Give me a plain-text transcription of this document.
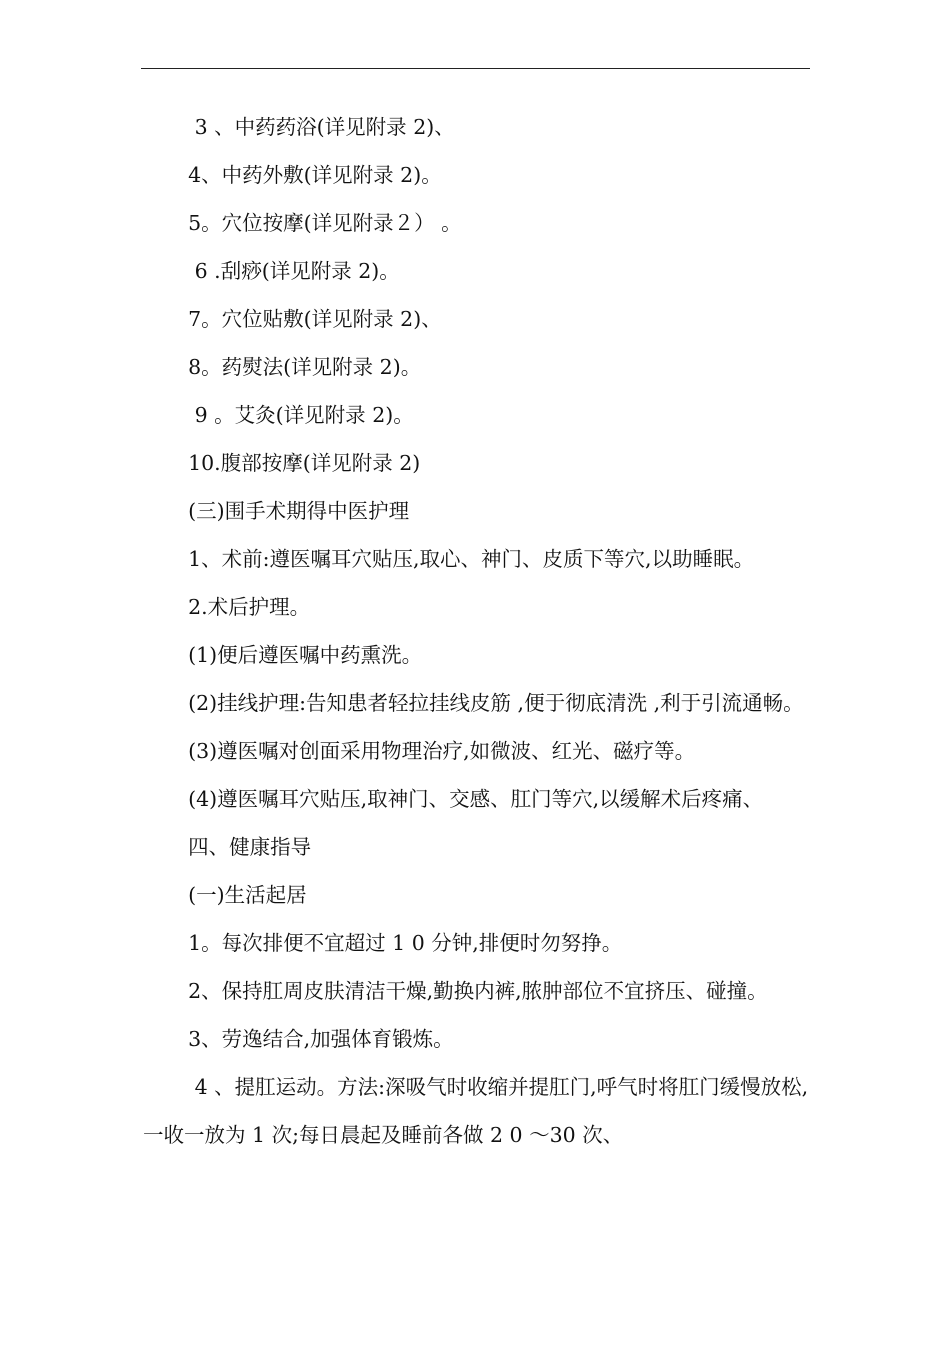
3 、中药药浴(详见附录 2)、

4、中药外敷(详见附录 2)。

5。穴位按摩(详见附录２） 。

6 .刮痧(详见附录 2)。

7。穴位贴敷(详见附录 2)、

8。药熨法(详见附录 2)。

9 。艾灸(详见附录 2)。

10.腹部按摩(详见附录 2)

(三)围手术期得中医护理

1、术前:遵医嘱耳穴贴压,取心、神门、皮质下等穴,以助睡眠。

2.术后护理。

(1)便后遵医嘱中药熏洗。

(2)挂线护理:告知患者轻拉挂线皮筋 ,便于彻底清洗 ,利于引流通畅。

(3)遵医嘱对创面采用物理治疗,如微波、红光、磁疗等。

(4)遵医嘱耳穴贴压,取神门、交感、肛门等穴,以缓解术后疼痛、

四、健康指导

(一)生活起居

1。每次排便不宜超过 1 0 分钟,排便时勿努挣。

2、保持肛周皮肤清洁干燥,勤换内裤,脓肿部位不宜挤压、碰撞。

3、劳逸结合,加强体育锻炼。

4 、提肛运动。方法:深吸气时收缩并提肛门,呼气时将肛门缓慢放松,一收一放为 1 次;每日晨起及睡前各做 2 0 ～30 次、
